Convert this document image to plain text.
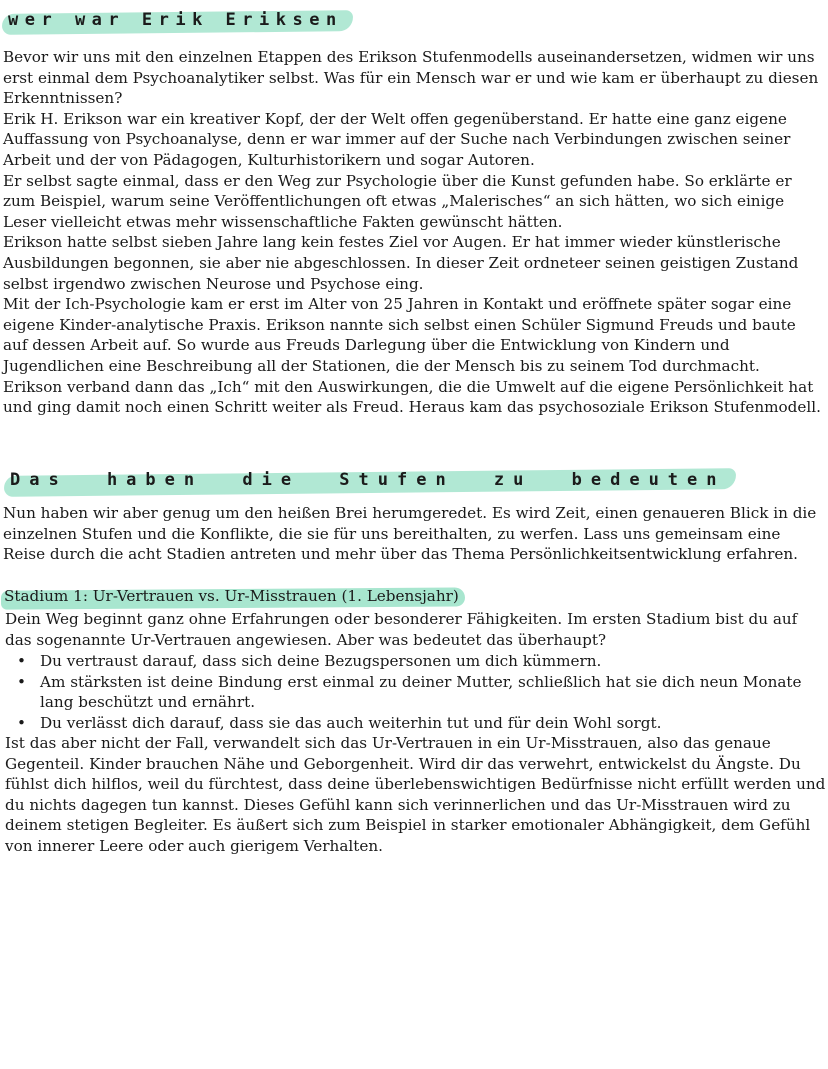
wer war Erik Eriksen
Bevor wir uns mit den einzelnen Etappen des Erikson Stufenmodells auseinandersetzen, widmen wir uns erst einmal dem Psychoanalytiker selbst. Was für ein Mensch war er und wie kam er überhaupt zu diesen Erkenntnissen?
Erik H. Erikson war ein kreativer Kopf, der der Welt offen gegenüberstand. Er hatte eine ganz eigene Auffassung von Psychoanalyse, denn er war immer auf der Suche nach Verbindungen zwischen seiner Arbeit und der von Pädagogen, Kulturhistorikern und sogar Autoren.
Er selbst sagte einmal, dass er den Weg zur Psychologie über die Kunst gefunden habe. So erklärte er zum Beispiel, warum seine Veröffentlichungen oft etwas „Malerisches“ an sich hätten, wo sich einige Leser vielleicht etwas mehr wissenschaftliche Fakten gewünscht hätten.
Erikson hatte selbst sieben Jahre lang kein festes Ziel vor Augen. Er hat immer wieder künstlerische Ausbildungen begonnen, sie aber nie abgeschlossen. In dieser Zeit ordneteer seinen geistigen Zustand selbst irgendwo zwischen Neurose und Psychose eing.
Mit der Ich-Psychologie kam er erst im Alter von 25 Jahren in Kontakt und eröffnete später sogar eine eigene Kinder-analytische Praxis. Erikson nannte sich selbst einen Schüler Sigmund Freuds und baute auf dessen Arbeit auf. So wurde aus Freuds Darlegung über die Entwicklung von Kindern und Jugendlichen eine Beschreibung all der Stationen, die der Mensch bis zu seinem Tod durchmacht.
Erikson verband dann das „Ich“ mit den Auswirkungen, die die Umwelt auf die eigene Persönlichkeit hat und ging damit noch einen Schritt weiter als Freud. Heraus kam das psychosoziale Erikson Stufenmodell.
Das haben die Stufen zu bedeuten

Nun haben wir aber genug um den heißen Brei herumgeredet. Es wird Zeit, einen genaueren Blick in die einzelnen Stufen und die Konflikte, die sie für uns bereithalten, zu werfen. Lass uns gemeinsam eine Reise durch die acht Stadien antreten und mehr über das Thema Persönlichkeitsentwicklung erfahren.

Stadium 1: Ur-Vertrauen vs. Ur-Misstrauen (1. Lebensjahr)

Dein Weg beginnt ganz ohne Erfahrungen oder besonderer Fähigkeiten. Im ersten Stadium bist du auf das sogenannte Ur-Vertrauen angewiesen. Aber was bedeutet das überhaupt?

• Du vertraust darauf, dass sich deine Bezugspersonen um dich kümmern.
• Am stärksten ist deine Bindung erst einmal zu deiner Mutter, schließlich hat sie dich neun Monate lang beschützt und ernährt.
• Du verlässt dich darauf, dass sie das auch weiterhin tut und für dein Wohl sorgt.

Ist das aber nicht der Fall, verwandelt sich das Ur-Vertrauen in ein Ur-Misstrauen, also das genaue Gegenteil. Kinder brauchen Nähe und Geborgenheit. Wird dir das verwehrt, entwickelst du Ängste. Du fühlst dich hilflos, weil du fürchtest, dass deine überlebenswichtigen Bedürfnisse nicht erfüllt werden und du nichts dagegen tun kannst. Dieses Gefühl kann sich verinnerlichen und das Ur-Misstrauen wird zu deinem stetigen Begleiter. Es äußert sich zum Beispiel in starker emotionaler Abhängigkeit, dem Gefühl von innerer Leere oder auch gierigem Verhalten.
